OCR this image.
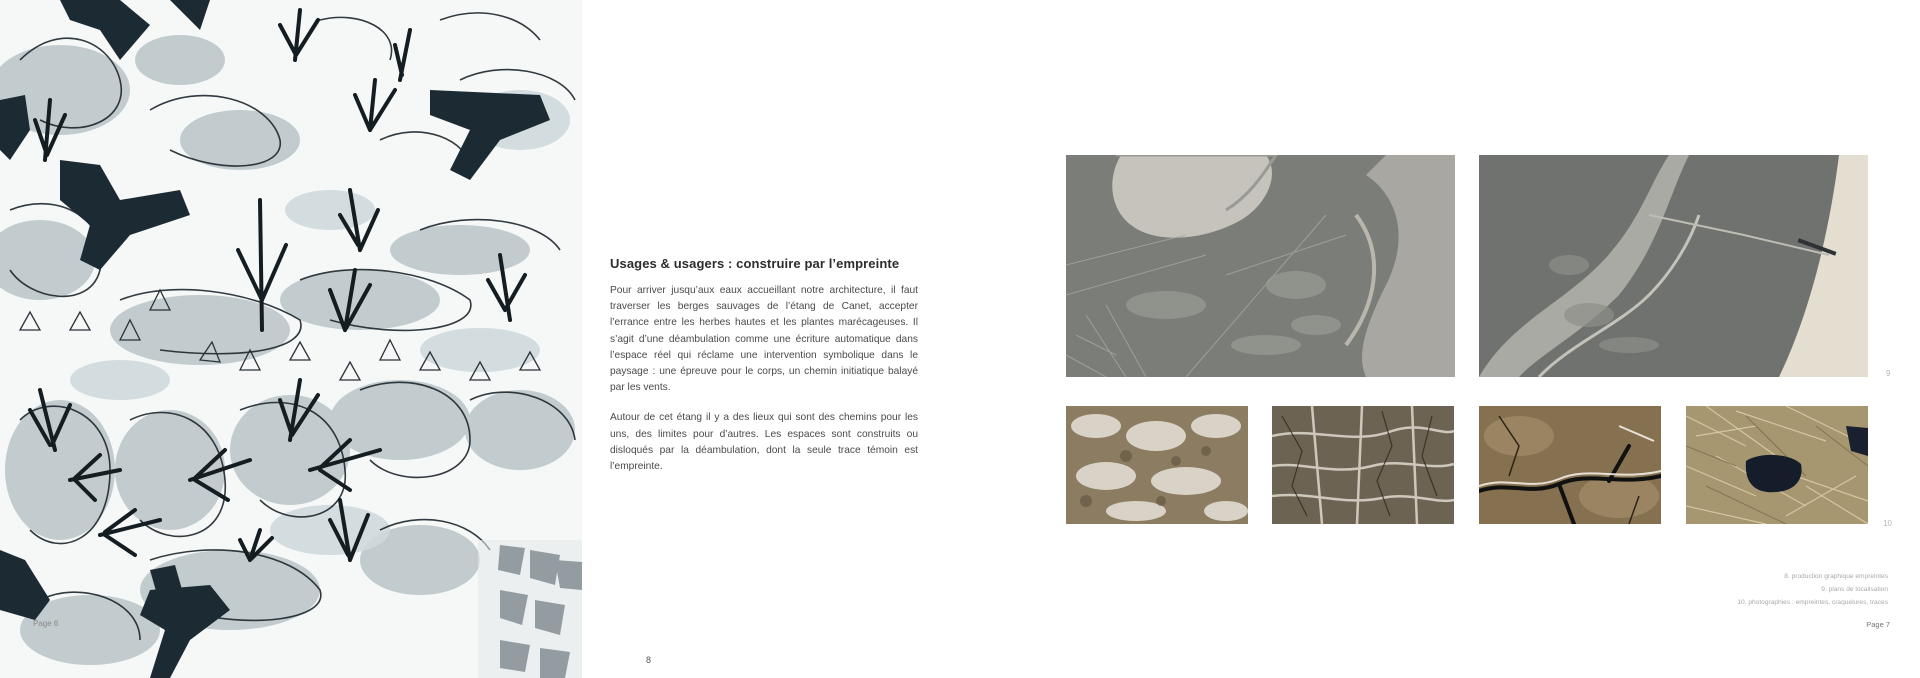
Page 6
Usages & usagers : construire par l’empreinte

Pour arriver jusqu’aux eaux accueillant notre architecture, il faut traverser les berges sauvages de l’étang de Canet, accepter l’errance entre les herbes hautes et les plantes marécageuses. Il s’agit d’une déambulation comme une écriture automatique dans l’espace réel qui réclame une intervention symbolique dans le paysage : une épreuve pour le corps, un chemin initiatique balayé par les vents.

Autour de cet étang il y a des lieux qui sont des chemins pour les uns, des limites pour d’autres. Les espaces sont construits ou disloqués par la déambulation, dont la seule trace témoin est l’empreinte.

8
9
10
8. production graphique empreintes
9. plans de localisation
10. photographies : empreintes, craquelures, traces
Page 7
